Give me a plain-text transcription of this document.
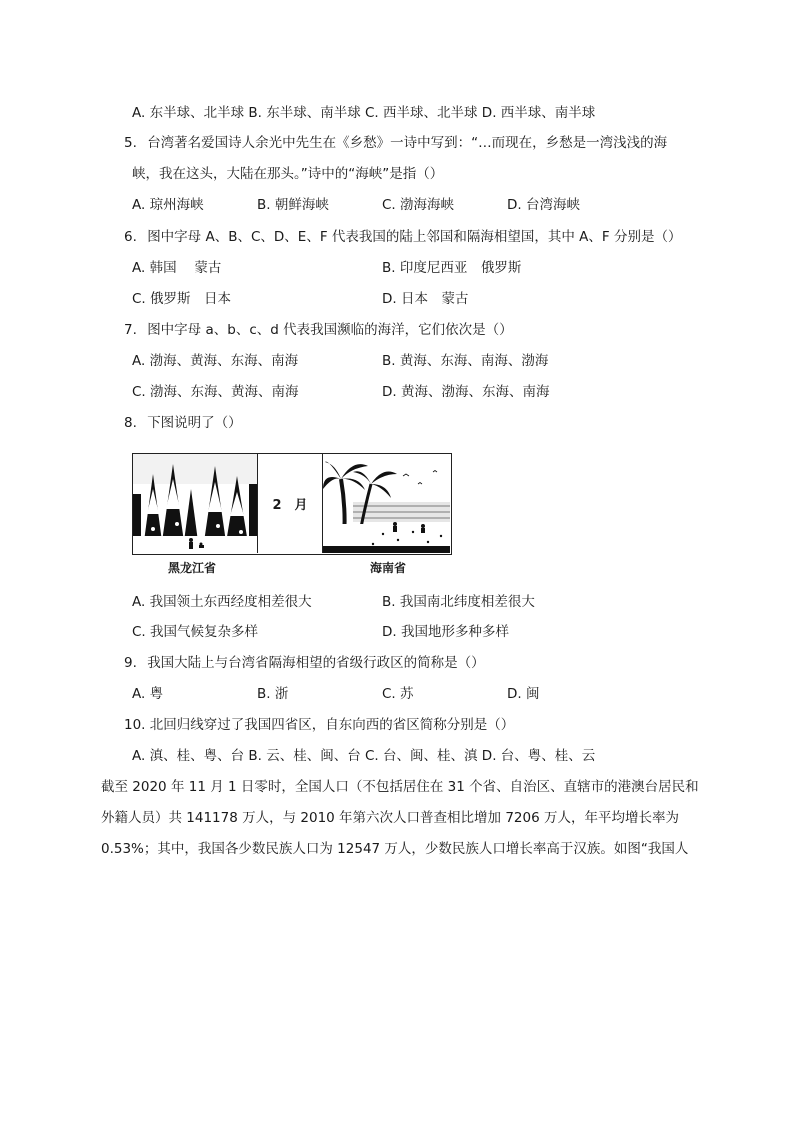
A. 东半球、北半球 B. 东半球、南半球 C. 西半球、北半球 D. 西半球、南半球
5. 台湾著名爱国诗人余光中先生在《乡愁》一诗中写到：“…而现在，乡愁是一湾浅浅的海
峡，我在这头，大陆在那头。”诗中的“海峡”是指（）
A. 琼州海峡	B. 朝鲜海峡	C. 渤海海峡	D. 台湾海峡
6. 图中字母 A、B、C、D、E、F 代表我国的陆上邻国和隔海相望国，其中 A、F 分别是（）
A. 韩国　 蒙古	B. 印度尼西亚　俄罗斯
C. 俄罗斯　日本	D. 日本　蒙古
7. 图中字母 a、b、c、d 代表我国濒临的海洋，它们依次是（）
A. 渤海、黄海、东海、南海	B. 黄海、东海、南海、渤海
C. 渤海、东海、黄海、南海	D. 黄海、渤海、东海、南海
8. 下图说明了（）
2　月
黑龙江省	海南省
A. 我国领土东西经度相差很大	B. 我国南北纬度相差很大
C. 我国气候复杂多样	D. 我国地形多种多样
9. 我国大陆上与台湾省隔海相望的省级行政区的简称是（）
A. 粤	B. 浙	C. 苏	D. 闽
10. 北回归线穿过了我国四省区，自东向西的省区简称分别是（）
A. 滇、桂、粤、台 B. 云、桂、闽、台 C. 台、闽、桂、滇 D. 台、粤、桂、云
截至 2020 年 11 月 1 日零时，全国人口（不包括居住在 31 个省、自治区、直辖市的港澳台居民和
外籍人员）共 141178 万人，与 2010 年第六次人口普查相比增加 7206 万人，年平均增长率为
0.53%；其中，我国各少数民族人口为 12547 万人，少数民族人口增长率高于汉族。如图“我国人
